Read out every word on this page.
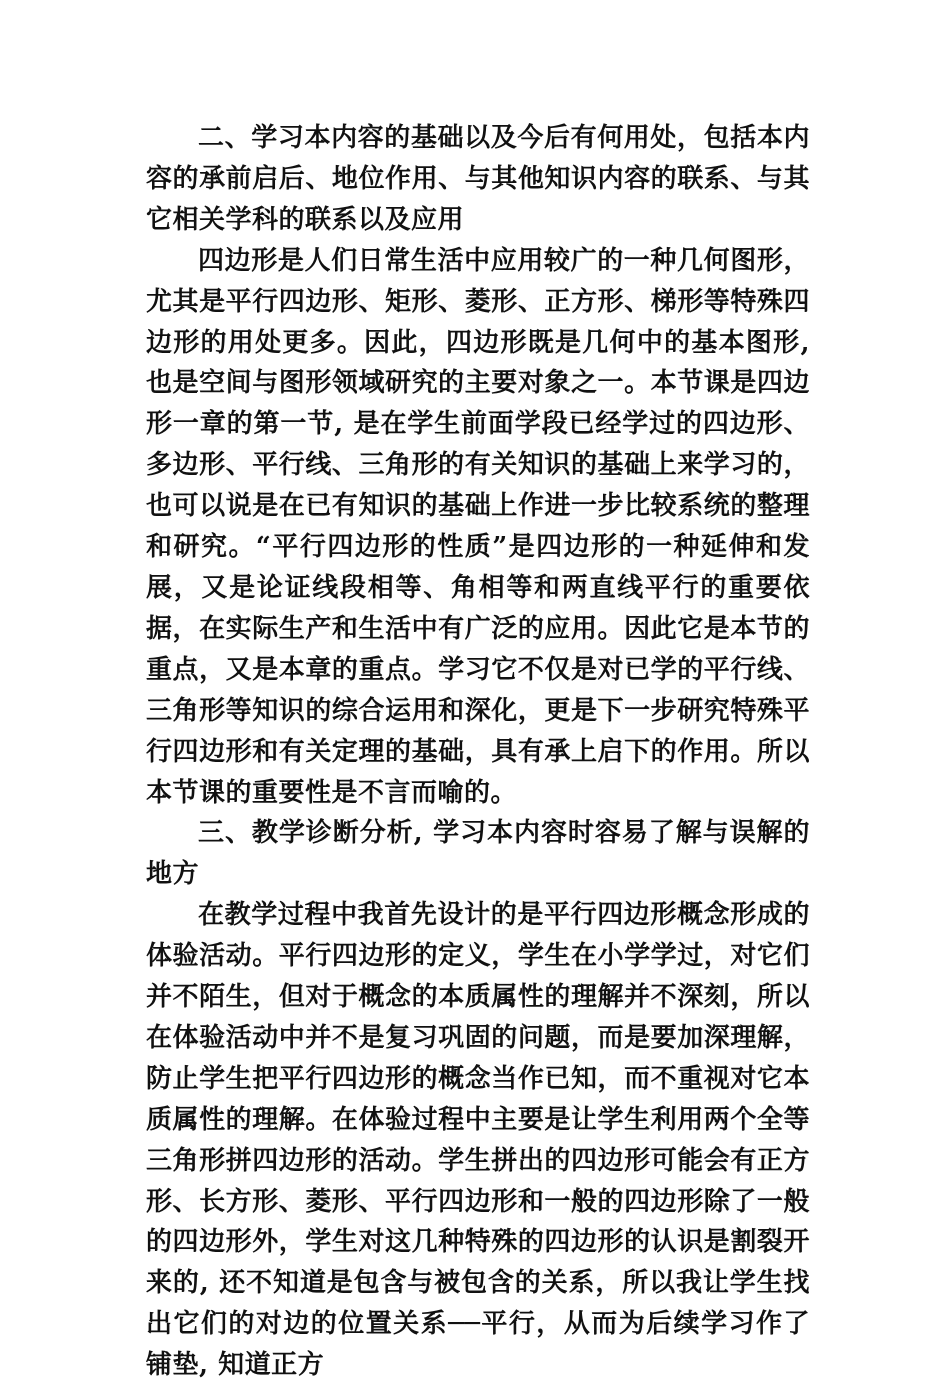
二、学习本内容的基础以及今后有何用处，包括本内容的承前启后、地位作用、与其他知识内容的联系、与其它相关学科的联系以及应用

四边形是人们日常生活中应用较广的一种几何图形，尤其是平行四边形、矩形、菱形、正方形、梯形等特殊四边形的用处更多。因此，四边形既是几何中的基本图形, 也是空间与图形领域研究的主要对象之一。本节课是四边形一章的第一节, 是在学生前面学段已经学过的四边形、多边形、平行线、三角形的有关知识的基础上来学习的，也可以说是在已有知识的基础上作进一步比较系统的整理和研究。“平行四边形的性质”是四边形的一种延伸和发展，又是论证线段相等、角相等和两直线平行的重要依据，在实际生产和生活中有广泛的应用。因此它是本节的重点，又是本章的重点。学习它不仅是对已学的平行线、三角形等知识的综合运用和深化，更是下一步研究特殊平行四边形和有关定理的基础，具有承上启下的作用。所以本节课的重要性是不言而喻的。

三、教学诊断分析, 学习本内容时容易了解与误解的地方

在教学过程中我首先设计的是平行四边形概念形成的体验活动。平行四边形的定义，学生在小学学过，对它们并不陌生，但对于概念的本质属性的理解并不深刻，所以在体验活动中并不是复习巩固的问题，而是要加深理解，防止学生把平行四边形的概念当作已知，而不重视对它本质属性的理解。在体验过程中主要是让学生利用两个全等三角形拼四边形的活动。学生拼出的四边形可能会有正方形、长方形、菱形、平行四边形和一般的四边形除了一般的四边形外，学生对这几种特殊的四边形的认识是割裂开来的, 还不知道是包含与被包含的关系，所以我让学生找出它们的对边的位置关系──平行，从而为后续学习作了铺垫, 知道正方
